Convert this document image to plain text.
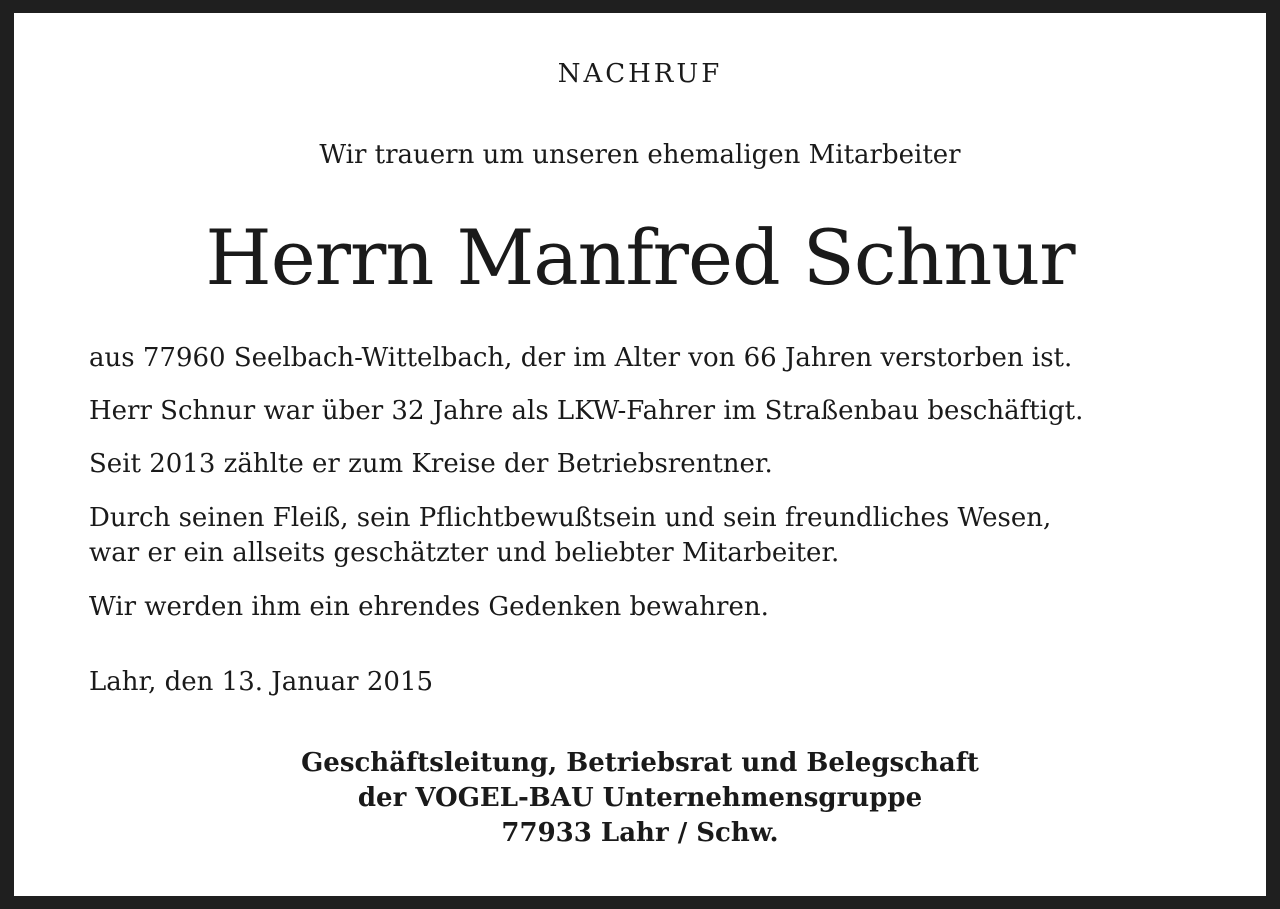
NACHRUF

Wir trauern um unseren ehemaligen Mitarbeiter

Herrn Manfred Schnur

aus 77960 Seelbach-Wittelbach, der im Alter von 66 Jahren verstorben ist.

Herr Schnur war über 32 Jahre als LKW-Fahrer im Straßenbau beschäftigt.

Seit 2013 zählte er zum Kreise der Betriebsrentner.

Durch seinen Fleiß, sein Pflichtbewußtsein und sein freundliches Wesen,

war er ein allseits geschätzter und beliebter Mitarbeiter.

Wir werden ihm ein ehrendes Gedenken bewahren.

Lahr, den 13. Januar 2015

Geschäftsleitung, Betriebsrat und Belegschaft

der VOGEL-BAU Unternehmensgruppe

77933 Lahr / Schw.
